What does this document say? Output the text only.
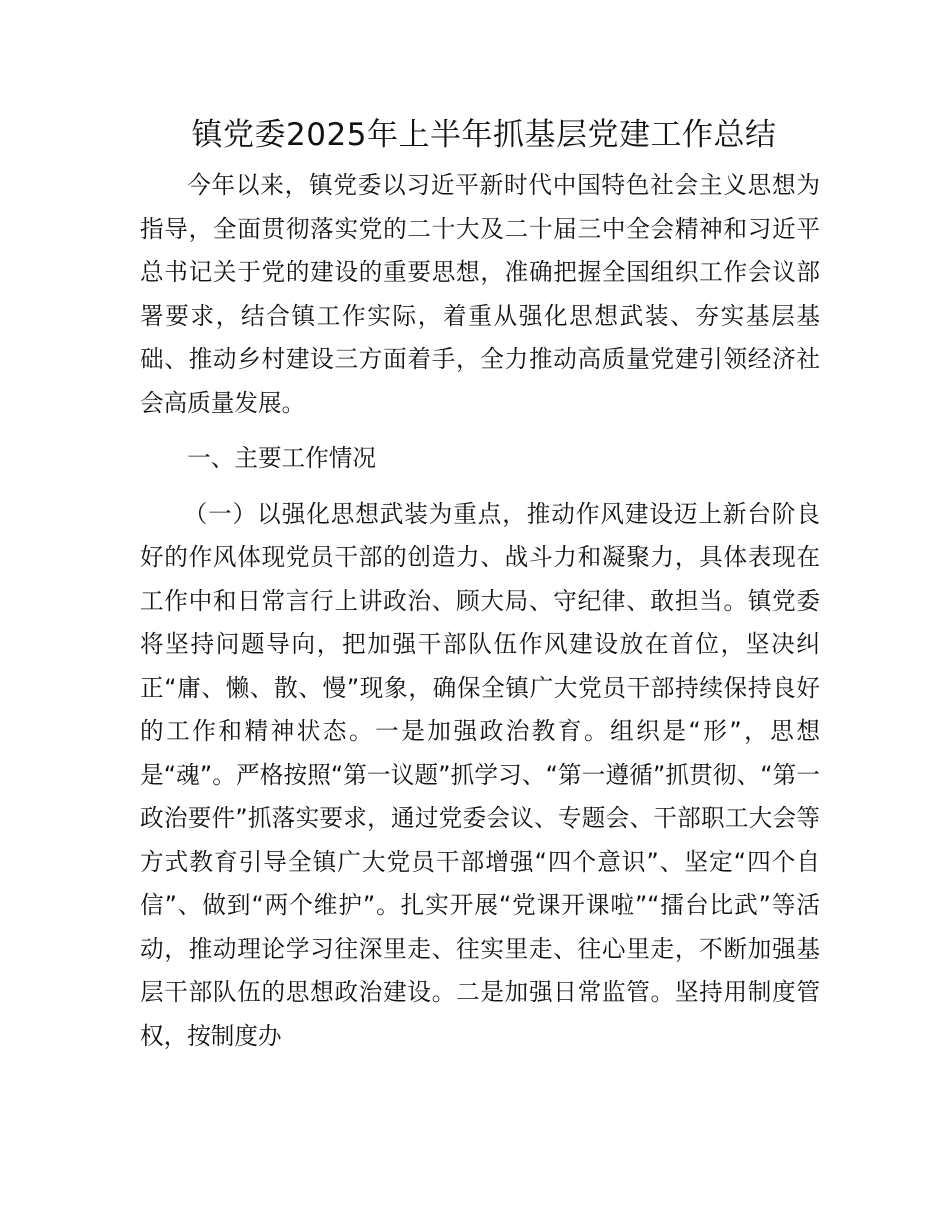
镇党委2025年上半年抓基层党建工作总结

今年以来，镇党委以习近平新时代中国特色社会主义思想为指导，全面贯彻落实党的二十大及二十届三中全会精神和习近平总书记关于党的建设的重要思想，准确把握全国组织工作会议部署要求，结合镇工作实际，着重从强化思想武装、夯实基层基础、推动乡村建设三方面着手，全力推动高质量党建引领经济社会高质量发展。

一、主要工作情况

（一）以强化思想武装为重点，推动作风建设迈上新台阶良好的作风体现党员干部的创造力、战斗力和凝聚力，具体表现在工作中和日常言行上讲政治、顾大局、守纪律、敢担当。镇党委将坚持问题导向，把加强干部队伍作风建设放在首位，坚决纠正“庸、懒、散、慢”现象，确保全镇广大党员干部持续保持良好的工作和精神状态。一是加强政治教育。组织是“形”，思想是“魂”。严格按照“第一议题”抓学习、“第一遵循”抓贯彻、“第一政治要件”抓落实要求，通过党委会议、专题会、干部职工大会等方式教育引导全镇广大党员干部增强“四个意识”、坚定“四个自信”、做到“两个维护”。扎实开展“党课开课啦”“擂台比武”等活动，推动理论学习往深里走、往实里走、往心里走，不断加强基层干部队伍的思想政治建设。二是加强日常监管。坚持用制度管权，按制度办
